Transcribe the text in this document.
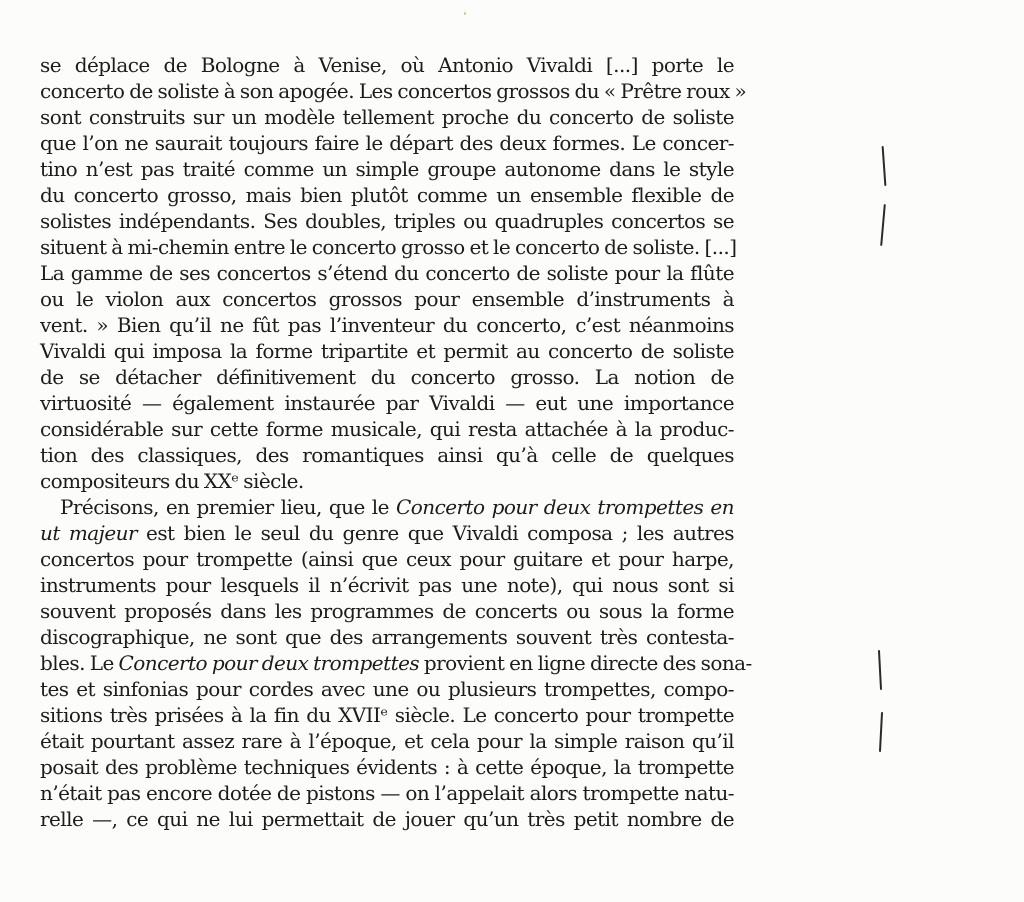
se déplace de Bologne à Venise, où Antonio Vivaldi [...] porte le
concerto de soliste à son apogée. Les concertos grossos du « Prêtre roux »
sont construits sur un modèle tellement proche du concerto de soliste
que l’on ne saurait toujours faire le départ des deux formes. Le concer-
tino n’est pas traité comme un simple groupe autonome dans le style
du concerto grosso, mais bien plutôt comme un ensemble flexible de
solistes indépendants. Ses doubles, triples ou quadruples concertos se
situent à mi-chemin entre le concerto grosso et le concerto de soliste. [...]
La gamme de ses concertos s’étend du concerto de soliste pour la flûte
ou le violon aux concertos grossos pour ensemble d’instruments à
vent. » Bien qu’il ne fût pas l’inventeur du concerto, c’est néanmoins
Vivaldi qui imposa la forme tripartite et permit au concerto de soliste
de se détacher définitivement du concerto grosso. La notion de
virtuosité — également instaurée par Vivaldi — eut une importance
considérable sur cette forme musicale, qui resta attachée à la produc-
tion des classiques, des romantiques ainsi qu’à celle de quelques
compositeurs du XXᵉ siècle.
Précisons, en premier lieu, que le Concerto pour deux trompettes en
ut majeur est bien le seul du genre que Vivaldi composa ; les autres
concertos pour trompette (ainsi que ceux pour guitare et pour harpe,
instruments pour lesquels il n’écrivit pas une note), qui nous sont si
souvent proposés dans les programmes de concerts ou sous la forme
discographique, ne sont que des arrangements souvent très contesta-
bles. Le Concerto pour deux trompettes provient en ligne directe des sona-
tes et sinfonias pour cordes avec une ou plusieurs trompettes, compo-
sitions très prisées à la fin du XVIIᵉ siècle. Le concerto pour trompette
était pourtant assez rare à l’époque, et cela pour la simple raison qu’il
posait des problème techniques évidents : à cette époque, la trompette
n’était pas encore dotée de pistons — on l’appelait alors trompette natu-
relle —, ce qui ne lui permettait de jouer qu’un très petit nombre de
